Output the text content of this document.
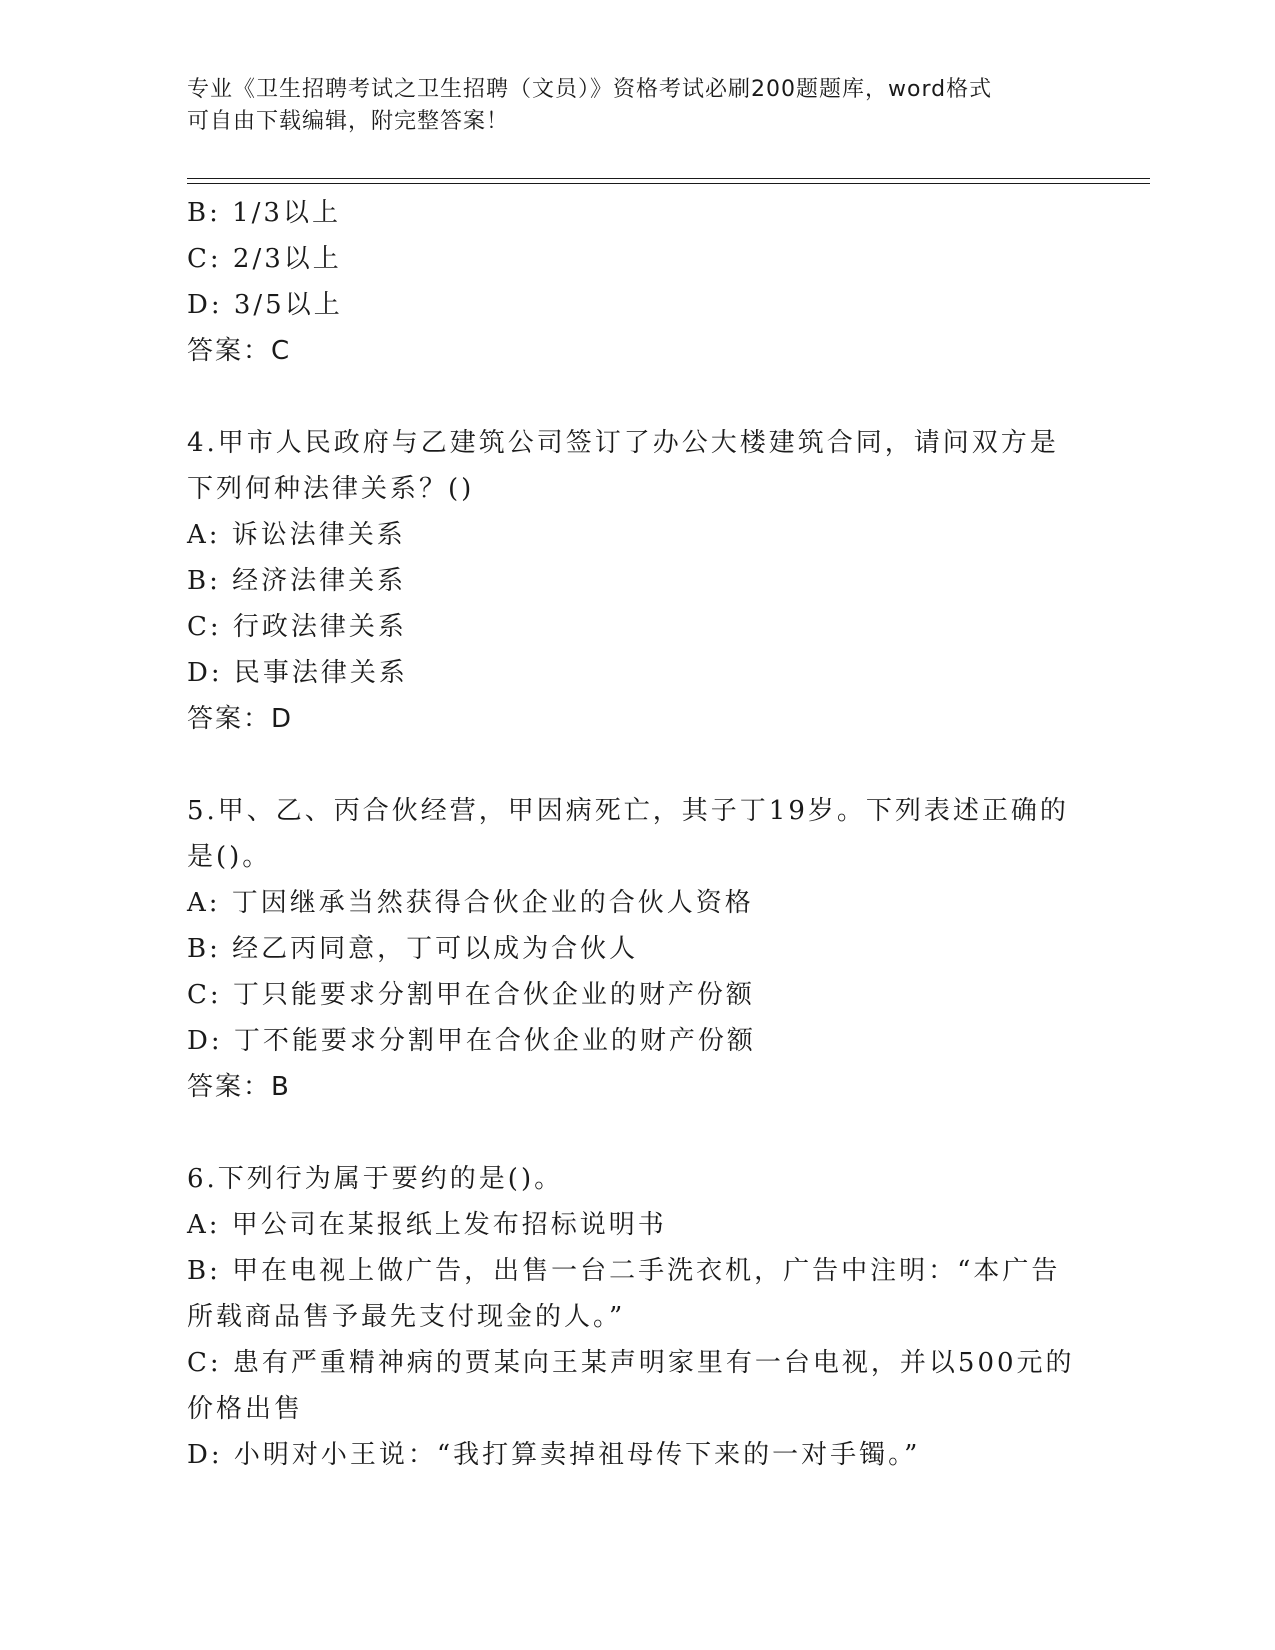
专业《卫生招聘考试之卫生招聘（文员）》资格考试必刷200题题库，word格式
可自由下载编辑，附完整答案！
B: 1/3以上
C: 2/3以上
D: 3/5以上
答案：C
4.甲市人民政府与乙建筑公司签订了办公大楼建筑合同，请问双方是
下列何种法律关系？()
A: 诉讼法律关系
B: 经济法律关系
C: 行政法律关系
D: 民事法律关系
答案：D
5.甲、乙、丙合伙经营，甲因病死亡，其子丁19岁。下列表述正确的
是()。
A: 丁因继承当然获得合伙企业的合伙人资格
B: 经乙丙同意，丁可以成为合伙人
C: 丁只能要求分割甲在合伙企业的财产份额
D: 丁不能要求分割甲在合伙企业的财产份额
答案：B
6.下列行为属于要约的是()。
A: 甲公司在某报纸上发布招标说明书
B: 甲在电视上做广告，出售一台二手洗衣机，广告中注明：“本广告
所载商品售予最先支付现金的人。”
C: 患有严重精神病的贾某向王某声明家里有一台电视，并以500元的
价格出售
D: 小明对小王说：“我打算卖掉祖母传下来的一对手镯。”
